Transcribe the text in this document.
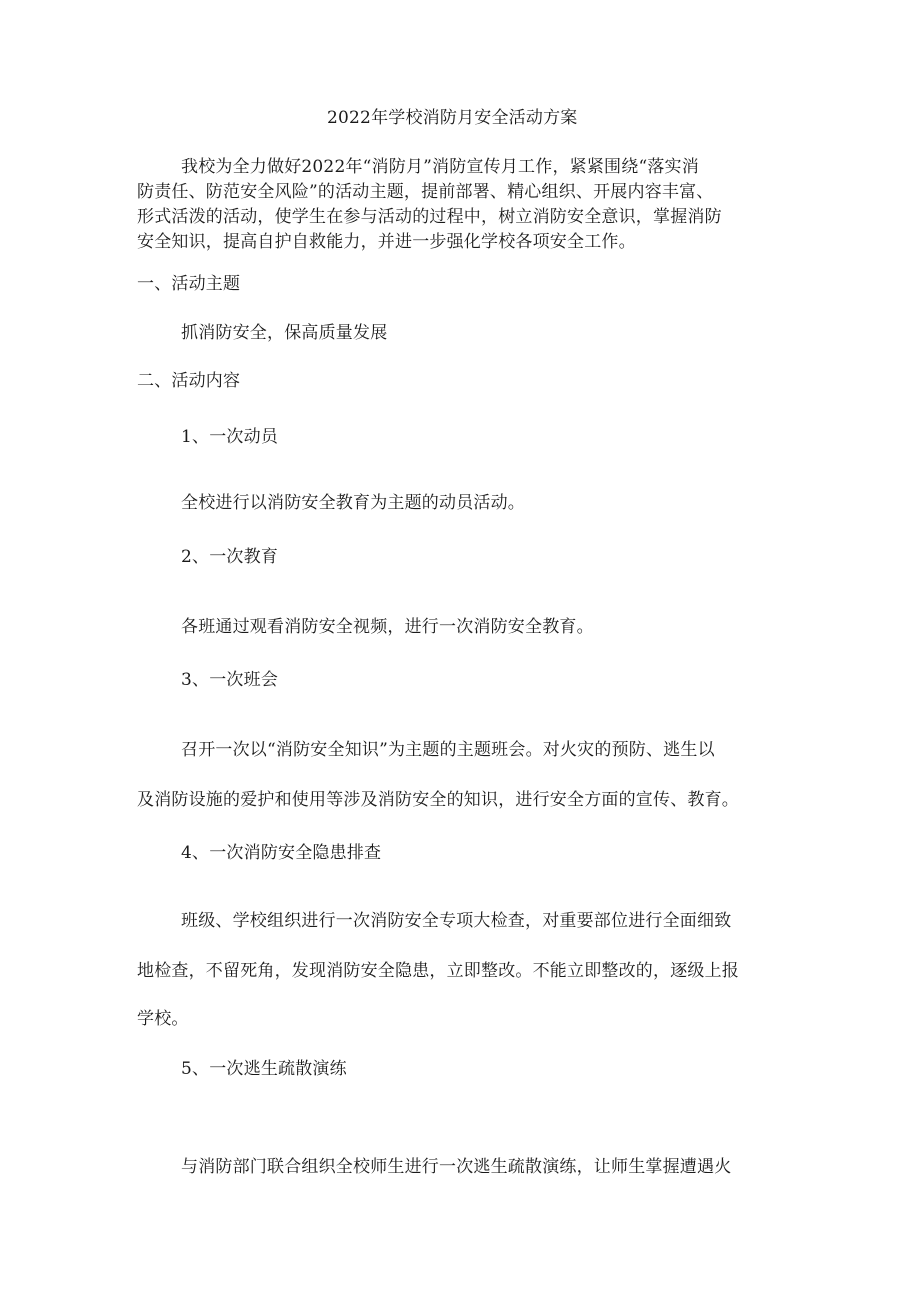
2022年学校消防月安全活动方案
我校为全力做好2022年“消防月”消防宣传月工作，紧紧围绕“落实消
防责任、防范安全风险”的活动主题，提前部署、精心组织、开展内容丰富、
形式活泼的活动，使学生在参与活动的过程中，树立消防安全意识，掌握消防
安全知识，提高自护自救能力，并进一步强化学校各项安全工作。
一、活动主题
抓消防安全，保高质量发展
二、活动内容
1、一次动员
全校进行以消防安全教育为主题的动员活动。
2、一次教育
各班通过观看消防安全视频，进行一次消防安全教育。
3、一次班会
召开一次以“消防安全知识”为主题的主题班会。对火灾的预防、逃生以
及消防设施的爱护和使用等涉及消防安全的知识，进行安全方面的宣传、教育。
4、一次消防安全隐患排查
班级、学校组织进行一次消防安全专项大检查，对重要部位进行全面细致
地检查，不留死角，发现消防安全隐患，立即整改。不能立即整改的，逐级上报
学校。
5、一次逃生疏散演练
与消防部门联合组织全校师生进行一次逃生疏散演练，让师生掌握遭遇火
